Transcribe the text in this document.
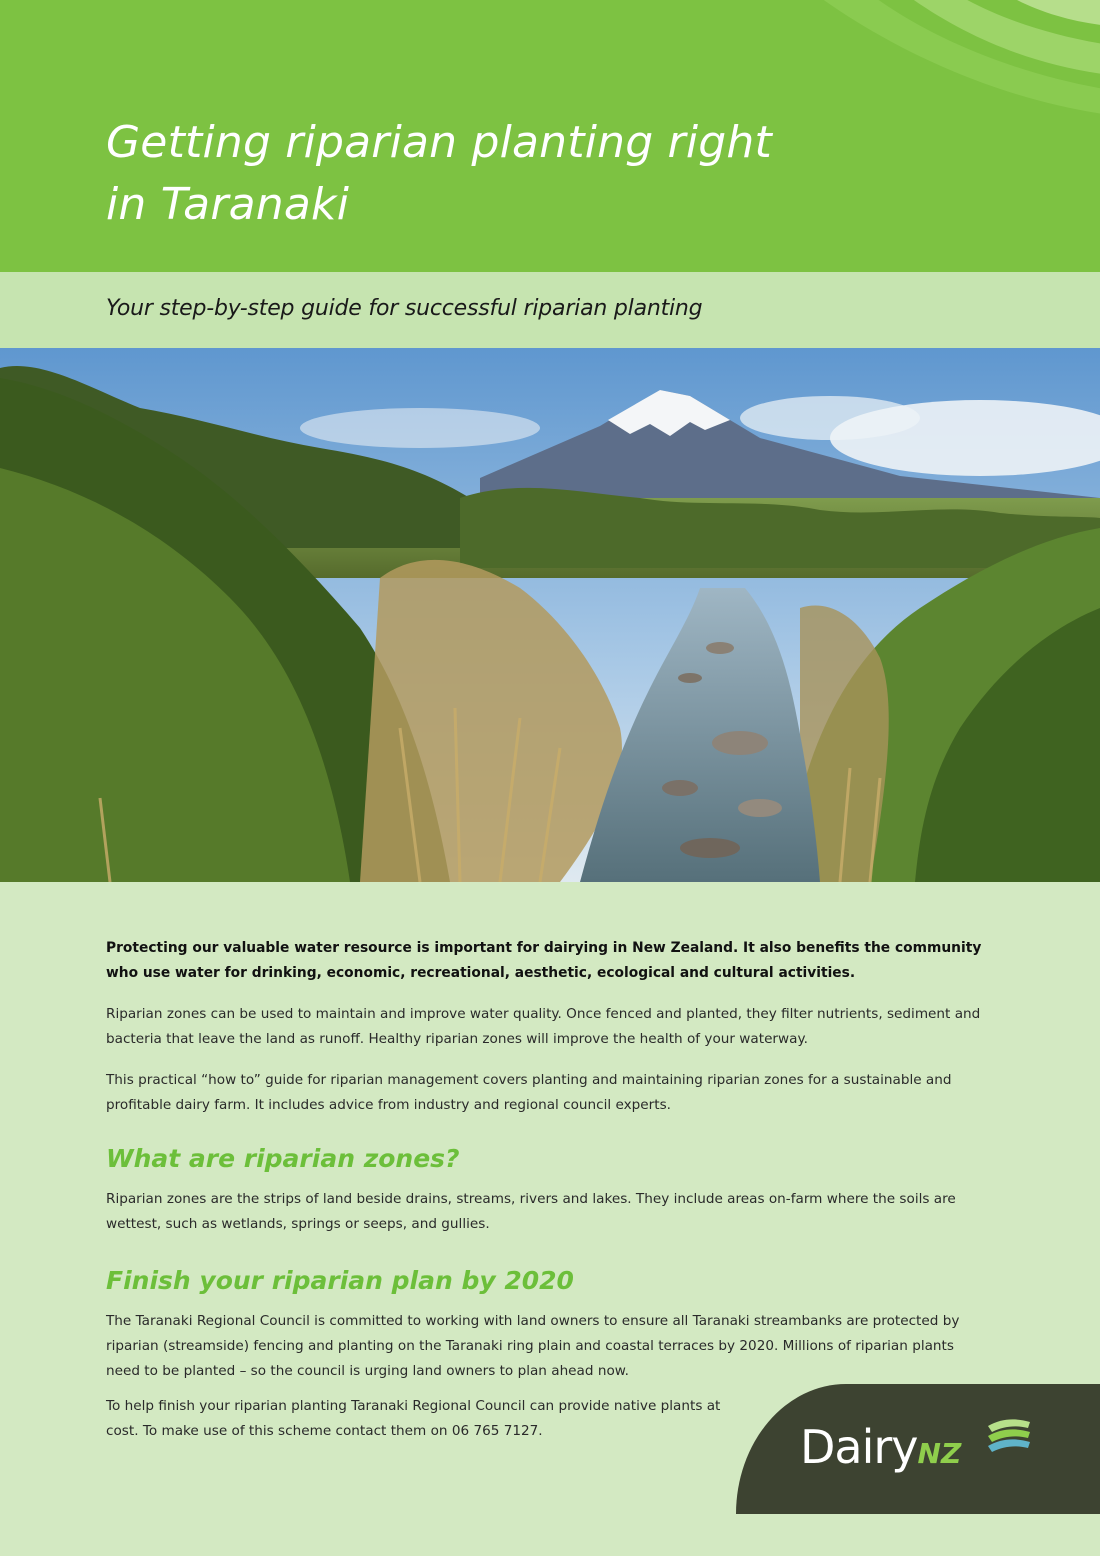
Getting riparian planting right
in Taranaki
Your step-by-step guide for successful riparian planting

Protecting our valuable water resource is important for dairying in New Zealand. It also benefits the community who use water for drinking, economic, recreational, aesthetic, ecological and cultural activities.

Riparian zones can be used to maintain and improve water quality. Once fenced and planted, they filter nutrients, sediment and bacteria that leave the land as runoff. Healthy riparian zones will improve the health of your waterway.

This practical “how to” guide for riparian management covers planting and maintaining riparian zones for a sustainable and profitable dairy farm. It includes advice from industry and regional council experts.

What are riparian zones?

Riparian zones are the strips of land beside drains, streams, rivers and lakes. They include areas on-farm where the soils are wettest, such as wetlands, springs or seeps, and gullies.

Finish your riparian plan by 2020

The Taranaki Regional Council is committed to working with land owners to ensure all Taranaki streambanks are protected by riparian (streamside) fencing and planting on the Taranaki ring plain and coastal terraces by 2020. Millions of riparian plants need to be planted – so the council is urging land owners to plan ahead now.

To help finish your riparian planting Taranaki Regional Council can provide native plants at cost. To make use of this scheme contact them on 06 765 7127.	DairyNZ
